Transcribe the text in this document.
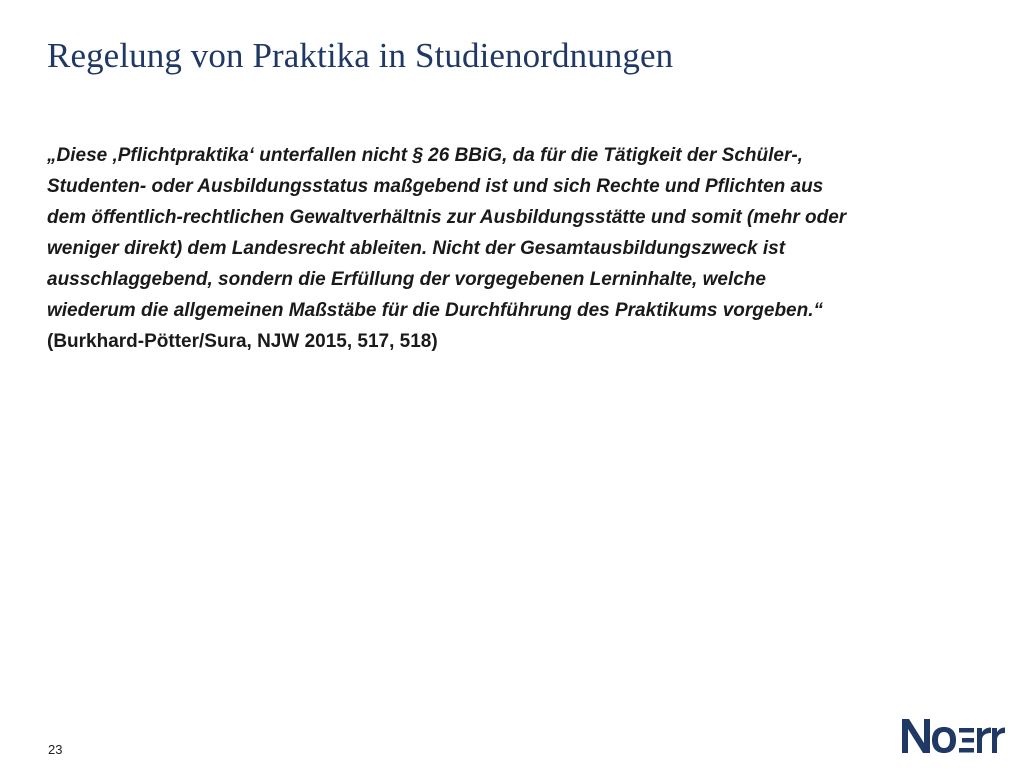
Regelung von Praktika in Studienordnungen
„Diese ‚Pflichtpraktika‘ unterfallen nicht § 26 BBiG, da für die Tätigkeit der Schüler-,
Studenten- oder Ausbildungsstatus maßgebend ist und sich Rechte und Pflichten aus
dem öffentlich-rechtlichen Gewaltverhältnis zur Ausbildungsstätte und somit (mehr oder
weniger direkt) dem Landesrecht ableiten. Nicht der Gesamtausbildungszweck ist
ausschlaggebend, sondern die Erfüllung der vorgegebenen Lerninhalte, welche
wiederum die allgemeinen Maßstäbe für die Durchführung des Praktikums vorgeben.“
(Burkhard-Pötter/Sura, NJW 2015, 517, 518)
23
